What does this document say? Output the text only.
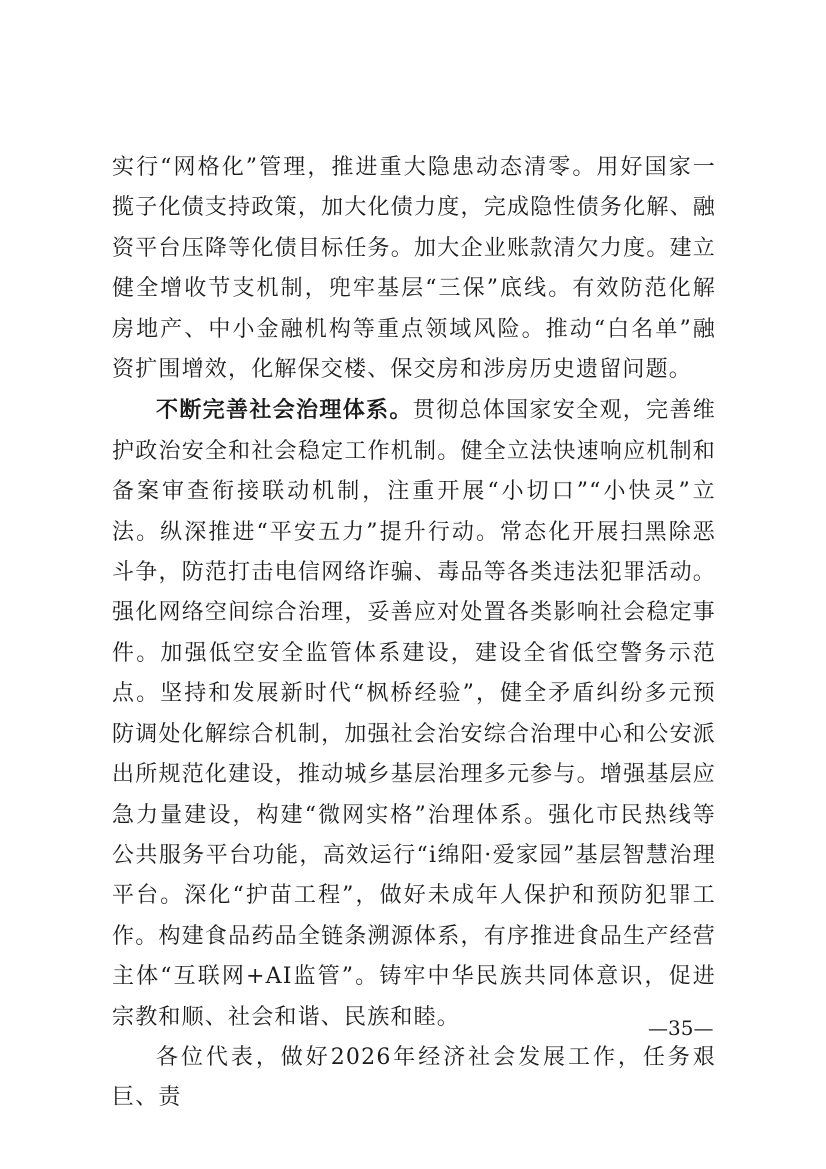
实行“网格化”管理，推进重大隐患动态清零。用好国家一揽子化债支持政策，加大化债力度，完成隐性债务化解、融资平台压降等化债目标任务。加大企业账款清欠力度。建立健全增收节支机制，兜牢基层“三保”底线。有效防范化解房地产、中小金融机构等重点领域风险。推动“白名单”融资扩围增效，化解保交楼、保交房和涉房历史遗留问题。

不断完善社会治理体系。贯彻总体国家安全观，完善维护政治安全和社会稳定工作机制。健全立法快速响应机制和备案审查衔接联动机制，注重开展“小切口”“小快灵”立法。纵深推进“平安五力”提升行动。常态化开展扫黑除恶斗争，防范打击电信网络诈骗、毒品等各类违法犯罪活动。强化网络空间综合治理，妥善应对处置各类影响社会稳定事件。加强低空安全监管体系建设，建设全省低空警务示范点。坚持和发展新时代“枫桥经验”，健全矛盾纠纷多元预防调处化解综合机制，加强社会治安综合治理中心和公安派出所规范化建设，推动城乡基层治理多元参与。增强基层应急力量建设，构建“微网实格”治理体系。强化市民热线等公共服务平台功能，高效运行“i绵阳·爱家园”基层智慧治理平台。深化“护苗工程”，做好未成年人保护和预防犯罪工作。构建食品药品全链条溯源体系，有序推进食品生产经营主体“互联网+AI监管”。铸牢中华民族共同体意识，促进宗教和顺、社会和谐、民族和睦。

各位代表，做好2026年经济社会发展工作，任务艰巨、责

—35—
